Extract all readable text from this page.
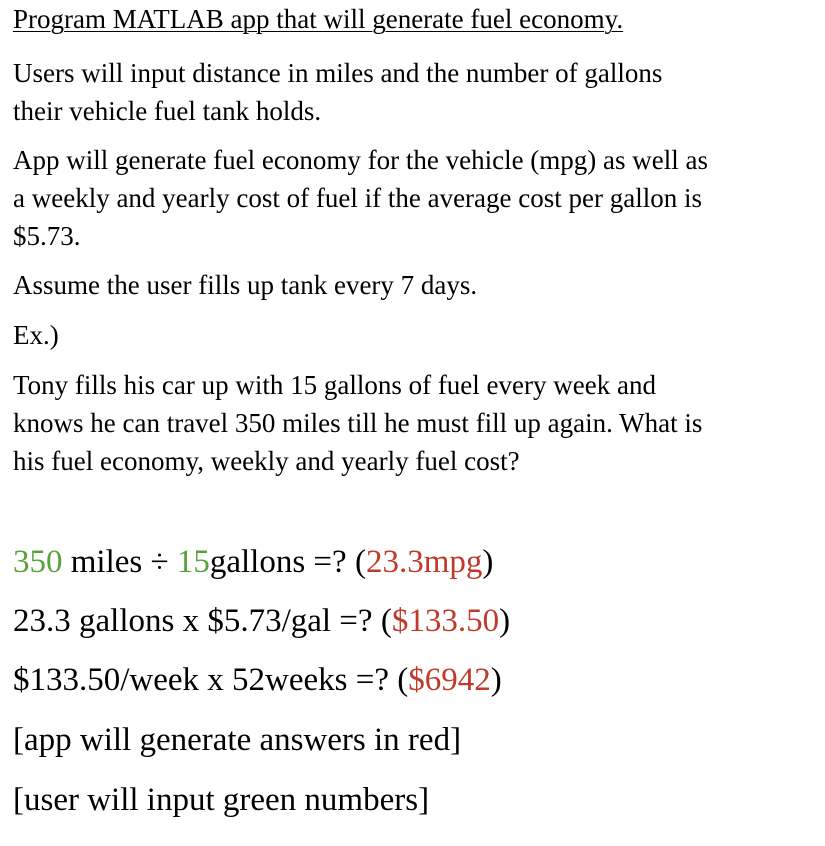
Program MATLAB app that will generate fuel economy.
Users will input distance in miles and the number of gallons
their vehicle fuel tank holds.
App will generate fuel economy for the vehicle (mpg) as well as
a weekly and yearly cost of fuel if the average cost per gallon is
$5.73.
Assume the user fills up tank every 7 days.
Ex.)
Tony fills his car up with 15 gallons of fuel every week and
knows he can travel 350 miles till he must fill up again. What is
his fuel economy, weekly and yearly fuel cost?
350 miles ÷ 15gallons =? (23.3mpg)
23.3 gallons x $5.73/gal =? ($133.50)
$133.50/week x 52weeks =? ($6942)
[app will generate answers in red]
[user will input green numbers]
